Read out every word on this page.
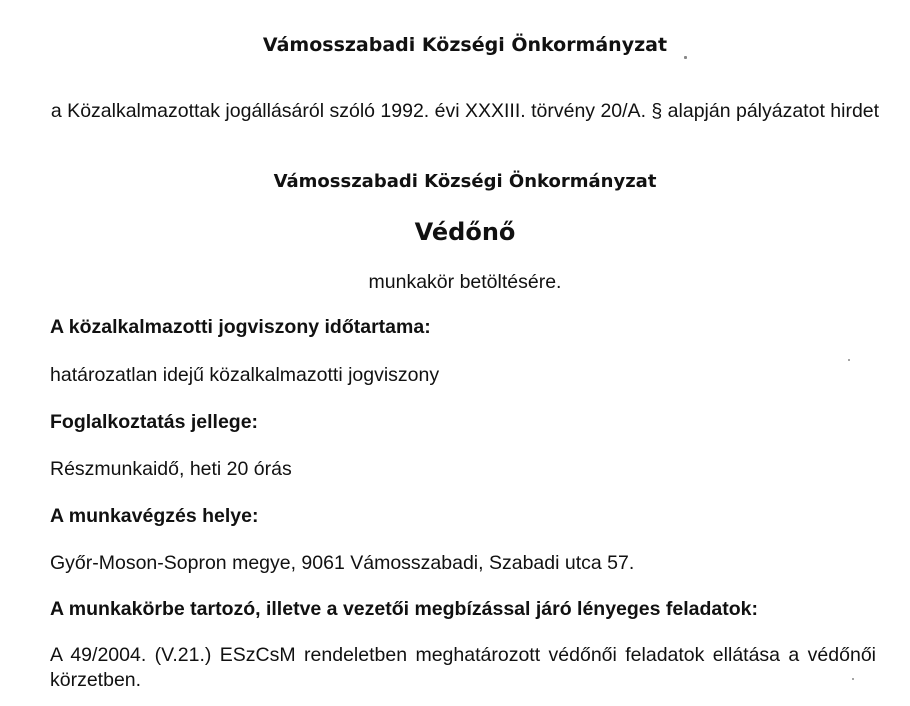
Vámosszabadi Községi Önkormányzat
a Közalkalmazottak jogállásáról szóló 1992. évi XXXIII. törvény 20/A. § alapján pályázatot hirdet
Vámosszabadi Községi Önkormányzat
Védőnő
munkakör betöltésére.
A közalkalmazotti jogviszony időtartama:
határozatlan idejű közalkalmazotti jogviszony
Foglalkoztatás jellege:
Részmunkaidő, heti 20 órás
A munkavégzés helye:
Győr-Moson-Sopron megye, 9061 Vámosszabadi, Szabadi utca 57.
A munkakörbe tartozó, illetve a vezetői megbízással járó lényeges feladatok:
A 49/2004. (V.21.) ESzCsM rendeletben meghatározott védőnői feladatok ellátása a védőnői körzetben.
